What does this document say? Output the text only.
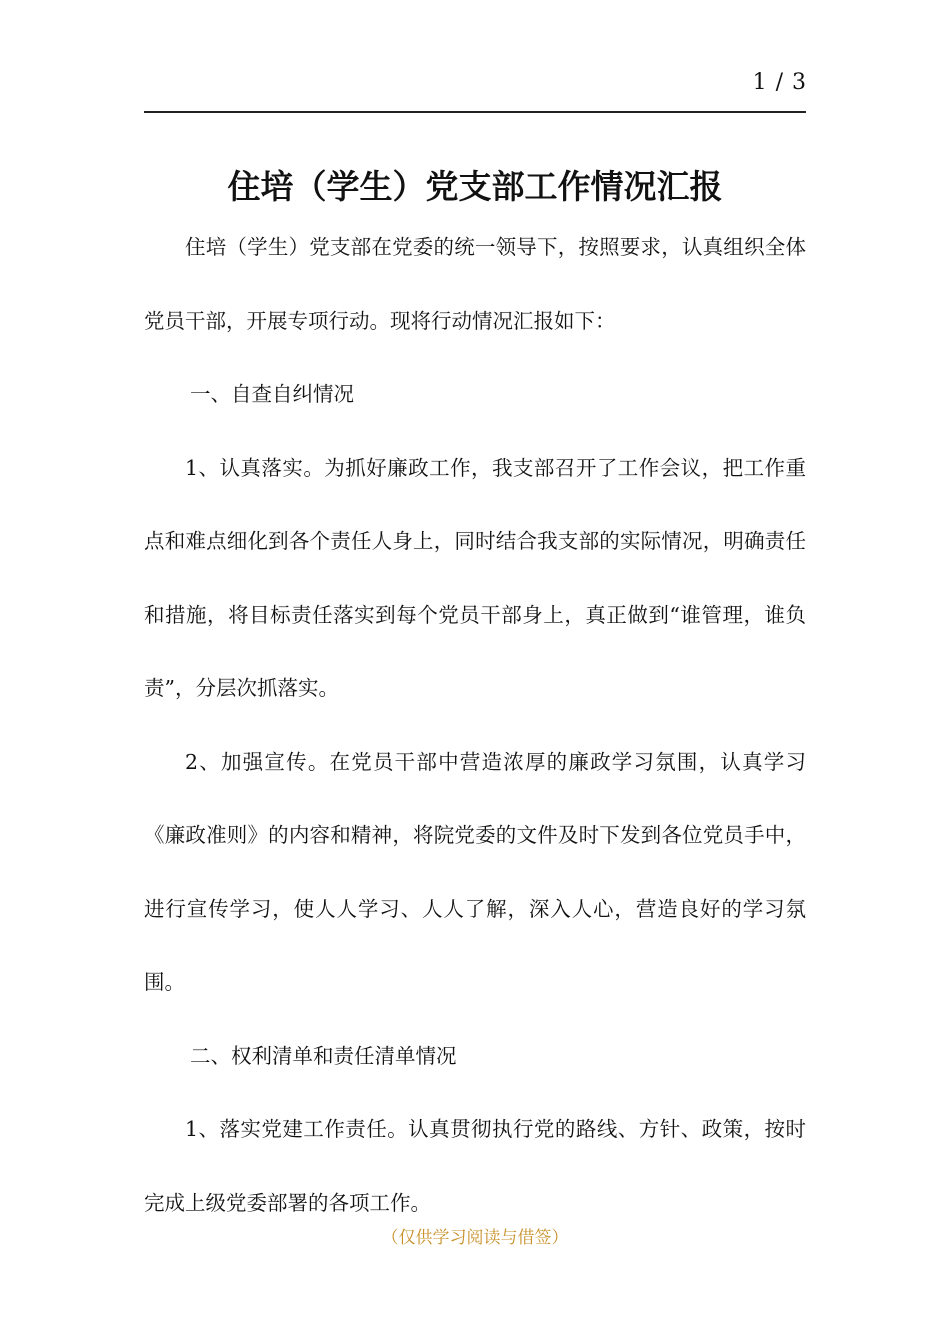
1 / 3
住培（学生）党支部工作情况汇报

住培（学生）党支部在党委的统一领导下，按照要求，认真组织全体党员干部，开展专项行动。现将行动情况汇报如下：

一、自查自纠情况

1、认真落实。为抓好廉政工作，我支部召开了工作会议，把工作重点和难点细化到各个责任人身上，同时结合我支部的实际情况，明确责任和措施，将目标责任落实到每个党员干部身上，真正做到“谁管理，谁负责”，分层次抓落实。

2、加强宣传。在党员干部中营造浓厚的廉政学习氛围，认真学习《廉政准则》的内容和精神，将院党委的文件及时下发到各位党员手中，进行宣传学习，使人人学习、人人了解，深入人心，营造良好的学习氛围。

二、权利清单和责任清单情况

1、落实党建工作责任。认真贯彻执行党的路线、方针、政策，按时完成上级党委部署的各项工作。

（仅供学习阅读与借签）
